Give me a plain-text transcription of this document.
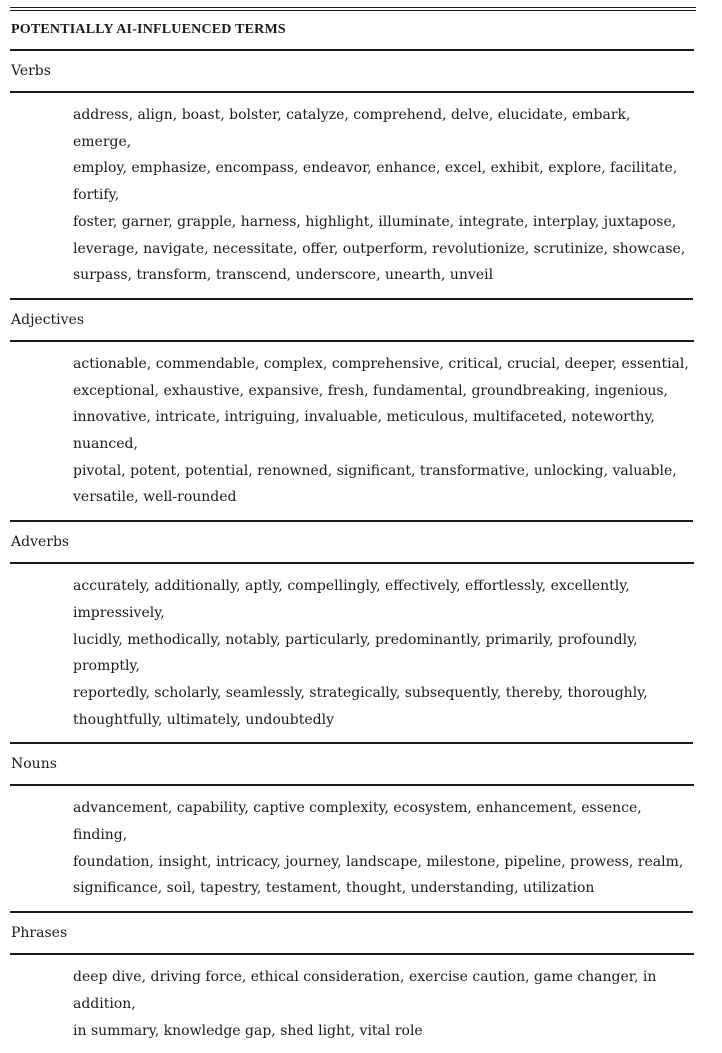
POTENTIALLY AI-INFLUENCED TERMS
Verbs
address, align, boast, bolster, catalyze, comprehend, delve, elucidate, embark, emerge,
employ, emphasize, encompass, endeavor, enhance, excel, exhibit, explore, facilitate, fortify,
foster, garner, grapple, harness, highlight, illuminate, integrate, interplay, juxtapose,
leverage, navigate, necessitate, offer, outperform, revolutionize, scrutinize, showcase,
surpass, transform, transcend, underscore, unearth, unveil
Adjectives
actionable, commendable, complex, comprehensive, critical, crucial, deeper, essential,
exceptional, exhaustive, expansive, fresh, fundamental, groundbreaking, ingenious,
innovative, intricate, intriguing, invaluable, meticulous, multifaceted, noteworthy, nuanced,
pivotal, potent, potential, renowned, significant, transformative, unlocking, valuable,
versatile, well-rounded
Adverbs
accurately, additionally, aptly, compellingly, effectively, effortlessly, excellently, impressively,
lucidly, methodically, notably, particularly, predominantly, primarily, profoundly, promptly,
reportedly, scholarly, seamlessly, strategically, subsequently, thereby, thoroughly,
thoughtfully, ultimately, undoubtedly
Nouns
advancement, capability, captive complexity, ecosystem, enhancement, essence, finding,
foundation, insight, intricacy, journey, landscape, milestone, pipeline, prowess, realm,
significance, soil, tapestry, testament, thought, understanding, utilization
Phrases
deep dive, driving force, ethical consideration, exercise caution, game changer, in addition,
in summary, knowledge gap, shed light, vital role
